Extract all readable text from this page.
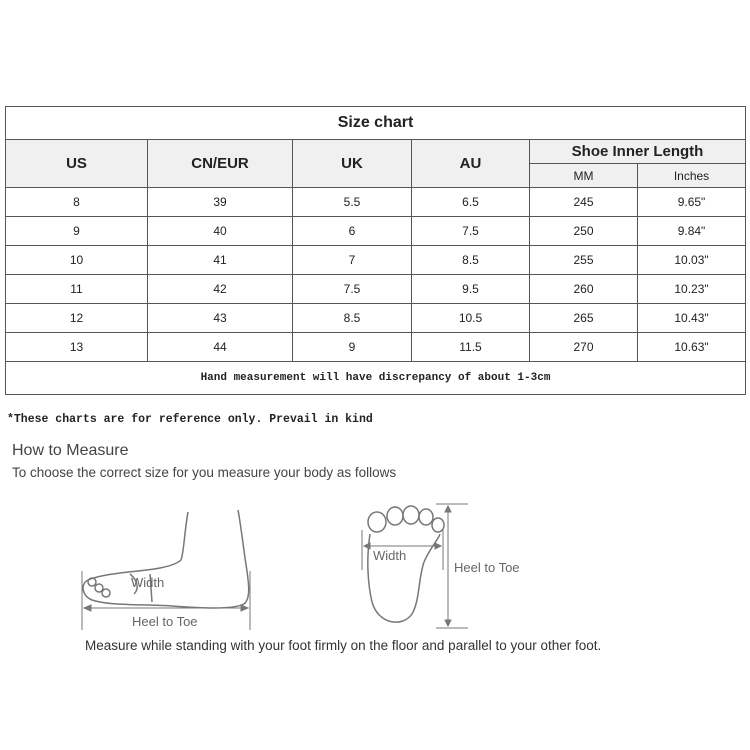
Size chart					
US	CN/EUR	UK	AU	Shoe Inner Length	
				MM	Inches
8	39	5.5	6.5	245	9.65"
9	40	6	7.5	250	9.84"
10	41	7	8.5	255	10.03"
11	42	7.5	9.5	260	10.23"
12	43	8.5	10.5	265	10.43"
13	44	9	11.5	270	10.63"
Hand measurement will have discrepancy of about 1-3cm					
*These charts are for reference only. Prevail in kind
How to Measure
To choose the correct size for you measure your body as follows
Width
Heel to Toe
Width
Heel to Toe
Measure while standing with your foot firmly on the floor and parallel to your other foot.
